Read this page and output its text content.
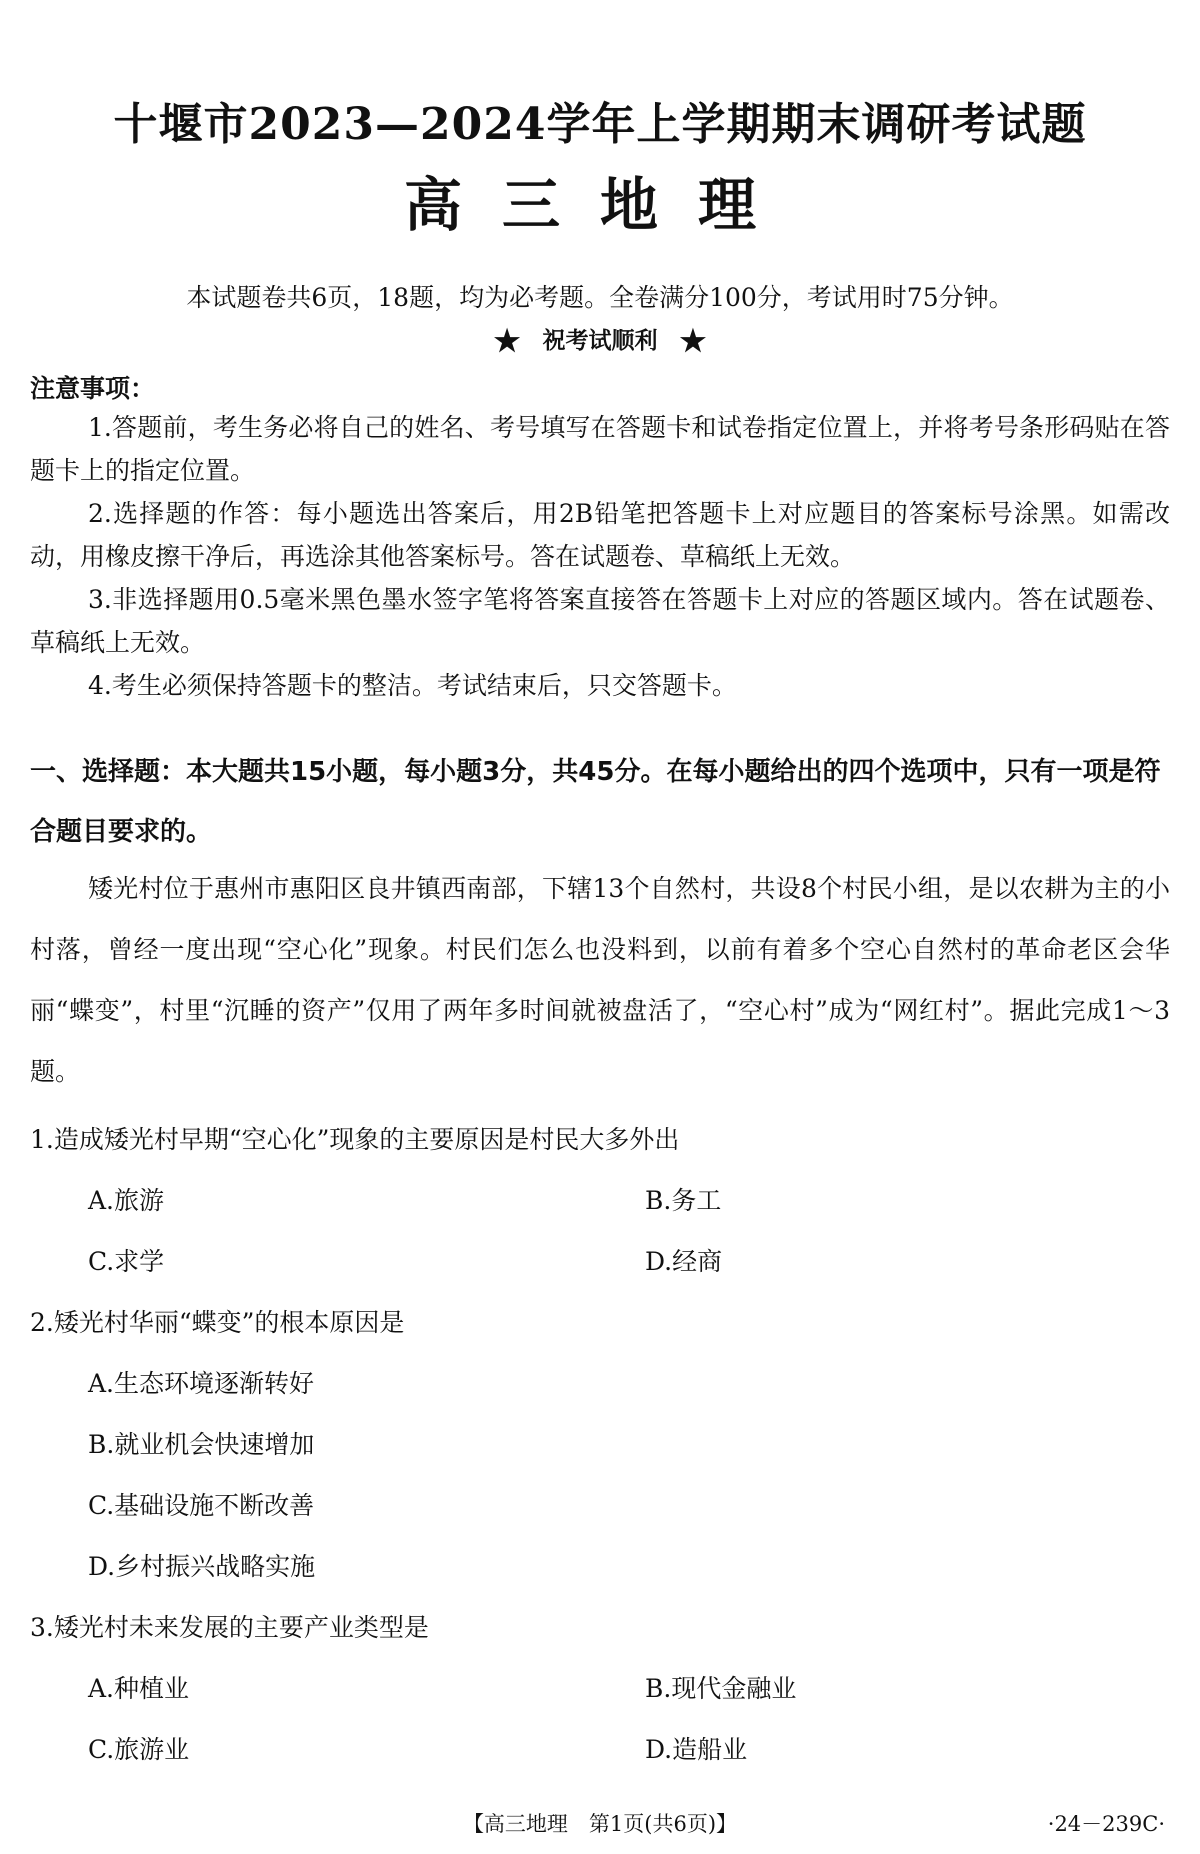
十堰市2023—2024学年上学期期末调研考试题
高三地理
本试题卷共6页，18题，均为必考题。全卷满分100分，考试用时75分钟。
★ 祝考试顺利 ★
注意事项：
1.答题前，考生务必将自己的姓名、考号填写在答题卡和试卷指定位置上，并将考号条形码贴在答题卡上的指定位置。
2.选择题的作答：每小题选出答案后，用2B铅笔把答题卡上对应题目的答案标号涂黑。如需改动，用橡皮擦干净后，再选涂其他答案标号。答在试题卷、草稿纸上无效。
3.非选择题用0.5毫米黑色墨水签字笔将答案直接答在答题卡上对应的答题区域内。答在试题卷、草稿纸上无效。
4.考生必须保持答题卡的整洁。考试结束后，只交答题卡。
一、选择题：本大题共15小题，每小题3分，共45分。在每小题给出的四个选项中，只有一项是符合题目要求的。
矮光村位于惠州市惠阳区良井镇西南部，下辖13个自然村，共设8个村民小组，是以农耕为主的小村落，曾经一度出现“空心化”现象。村民们怎么也没料到，以前有着多个空心自然村的革命老区会华丽“蝶变”，村里“沉睡的资产”仅用了两年多时间就被盘活了，“空心村”成为“网红村”。据此完成1～3题。
1.造成矮光村早期“空心化”现象的主要原因是村民大多外出
A.旅游	B.务工
C.求学	D.经商
2.矮光村华丽“蝶变”的根本原因是
A.生态环境逐渐转好
B.就业机会快速增加
C.基础设施不断改善
D.乡村振兴战略实施
3.矮光村未来发展的主要产业类型是
A.种植业	B.现代金融业
C.旅游业	D.造船业
【高三地理　第1页(共6页)】	·24－239C·
